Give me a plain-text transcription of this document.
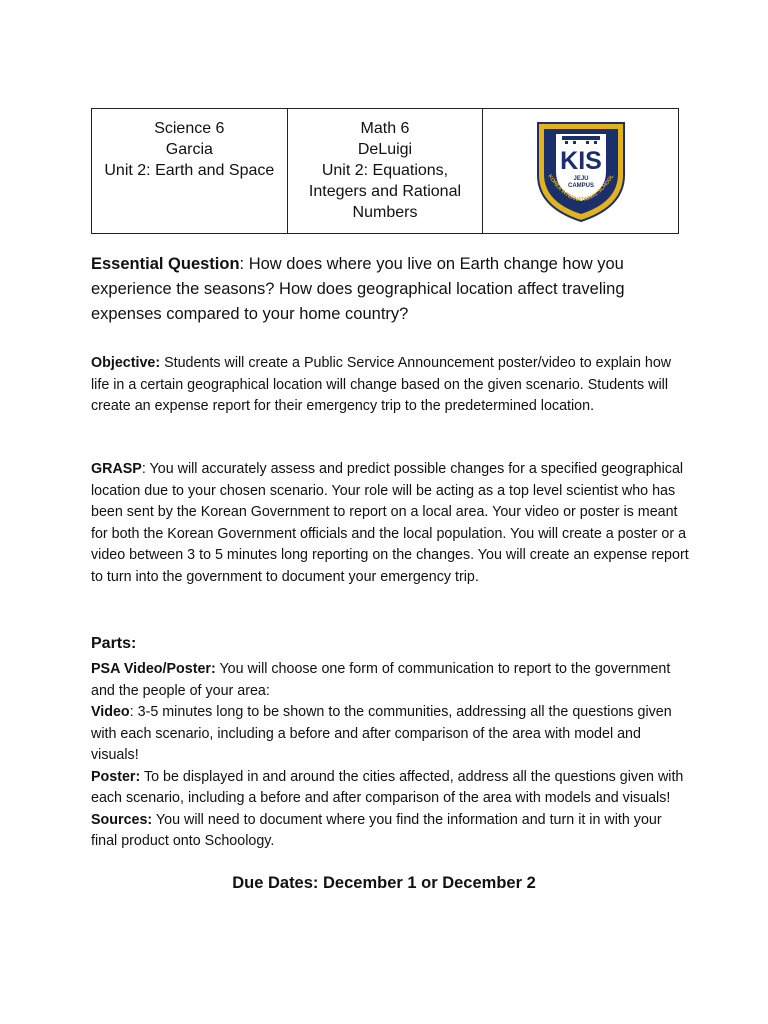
Science 6
Garcia
Unit 2: Earth and Space

Math 6
DeLuigi
Unit 2: Equations, Integers and Rational Numbers

KIS
JEJU
CAMPUS
KOREA INTERNATIONAL SCHOOL

Essential Question: How does where you live on Earth change how you experience the seasons? How does geographical location affect traveling expenses compared to your home country?

Objective: Students will create a Public Service Announcement poster/video to explain how life in a certain geographical location will change based on the given scenario. Students will create an expense report for their emergency trip to the predetermined location.

GRASP: You will accurately assess and predict possible changes for a specified geographical location due to your chosen scenario. Your role will be acting as a top level scientist who has been sent by the Korean Government to report on a local area. Your video or poster is meant for both the Korean Government officials and the local population. You will create a poster or a video between 3 to 5 minutes long reporting on the changes. You will create an expense report to turn into the government to document your emergency trip.

Parts:

PSA Video/Poster: You will choose one form of communication to report to the government and the people of your area:

Video: 3-5 minutes long to be shown to the communities, addressing all the questions given with each scenario, including a before and after comparison of the area with model and visuals!

Poster: To be displayed in and around the cities affected, address all the questions given with each scenario, including a before and after comparison of the area with models and visuals!

Sources: You will need to document where you find the information and turn it in with your final product onto Schoology.

Due Dates: December 1 or December 2
